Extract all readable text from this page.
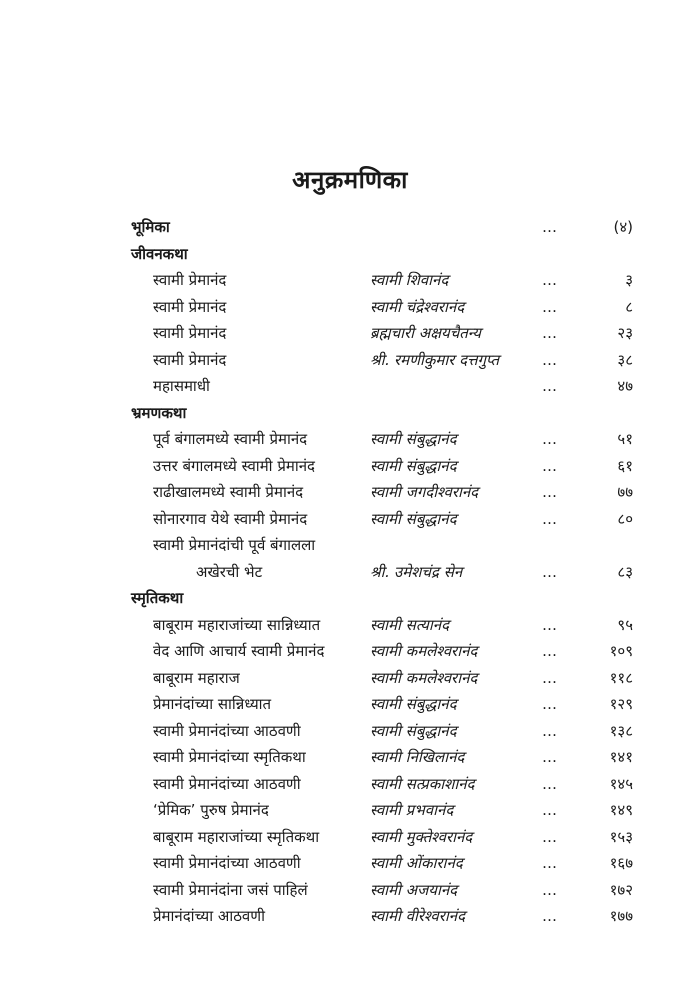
अनुक्रमणिका
भूमिका	…	(४)
जीवनकथा
स्वामी प्रेमानंद	स्वामी शिवानंद	…	३
स्वामी प्रेमानंद	स्वामी चंद्रेश्वरानंद	…	८
स्वामी प्रेमानंद	ब्रह्मचारी अक्षयचैतन्य	…	२३
स्वामी प्रेमानंद	श्री. रमणीकुमार दत्तगुप्त	…	३८
महासमाधी	…	४७
भ्रमणकथा
पूर्व बंगालमध्ये स्वामी प्रेमानंद	स्वामी संबुद्धानंद	…	५१
उत्तर बंगालमध्ये स्वामी प्रेमानंद	स्वामी संबुद्धानंद	…	६१
राढीखालमध्ये स्वामी प्रेमानंद	स्वामी जगदीश्वरानंद	…	७७
सोनारगाव येथे स्वामी प्रेमानंद	स्वामी संबुद्धानंद	…	८०
स्वामी प्रेमानंदांची पूर्व बंगालला
अखेरची भेट	श्री. उमेशचंद्र सेन	…	८३
स्मृतिकथा
बाबूराम महाराजांच्या सान्निध्यात	स्वामी सत्यानंद	…	९५
वेद आणि आचार्य स्वामी प्रेमानंद	स्वामी कमलेश्वरानंद	…	१०९
बाबूराम महाराज	स्वामी कमलेश्वरानंद	…	११८
प्रेमानंदांच्या सान्निध्यात	स्वामी संबुद्धानंद	…	१२९
स्वामी प्रेमानंदांच्या आठवणी	स्वामी संबुद्धानंद	…	१३८
स्वामी प्रेमानंदांच्या स्मृतिकथा	स्वामी निखिलानंद	…	१४१
स्वामी प्रेमानंदांच्या आठवणी	स्वामी सत्प्रकाशानंद	…	१४५
‘प्रेमिक’ पुरुष प्रेमानंद	स्वामी प्रभवानंद	…	१४९
बाबूराम महाराजांच्या स्मृतिकथा	स्वामी मुक्तेश्वरानंद	…	१५३
स्वामी प्रेमानंदांच्या आठवणी	स्वामी ओंकारानंद	…	१६७
स्वामी प्रेमानंदांना जसं पाहिलं	स्वामी अजयानंद	…	१७२
प्रेमानंदांच्या आठवणी	स्वामी वीरेश्वरानंद	…	१७७
